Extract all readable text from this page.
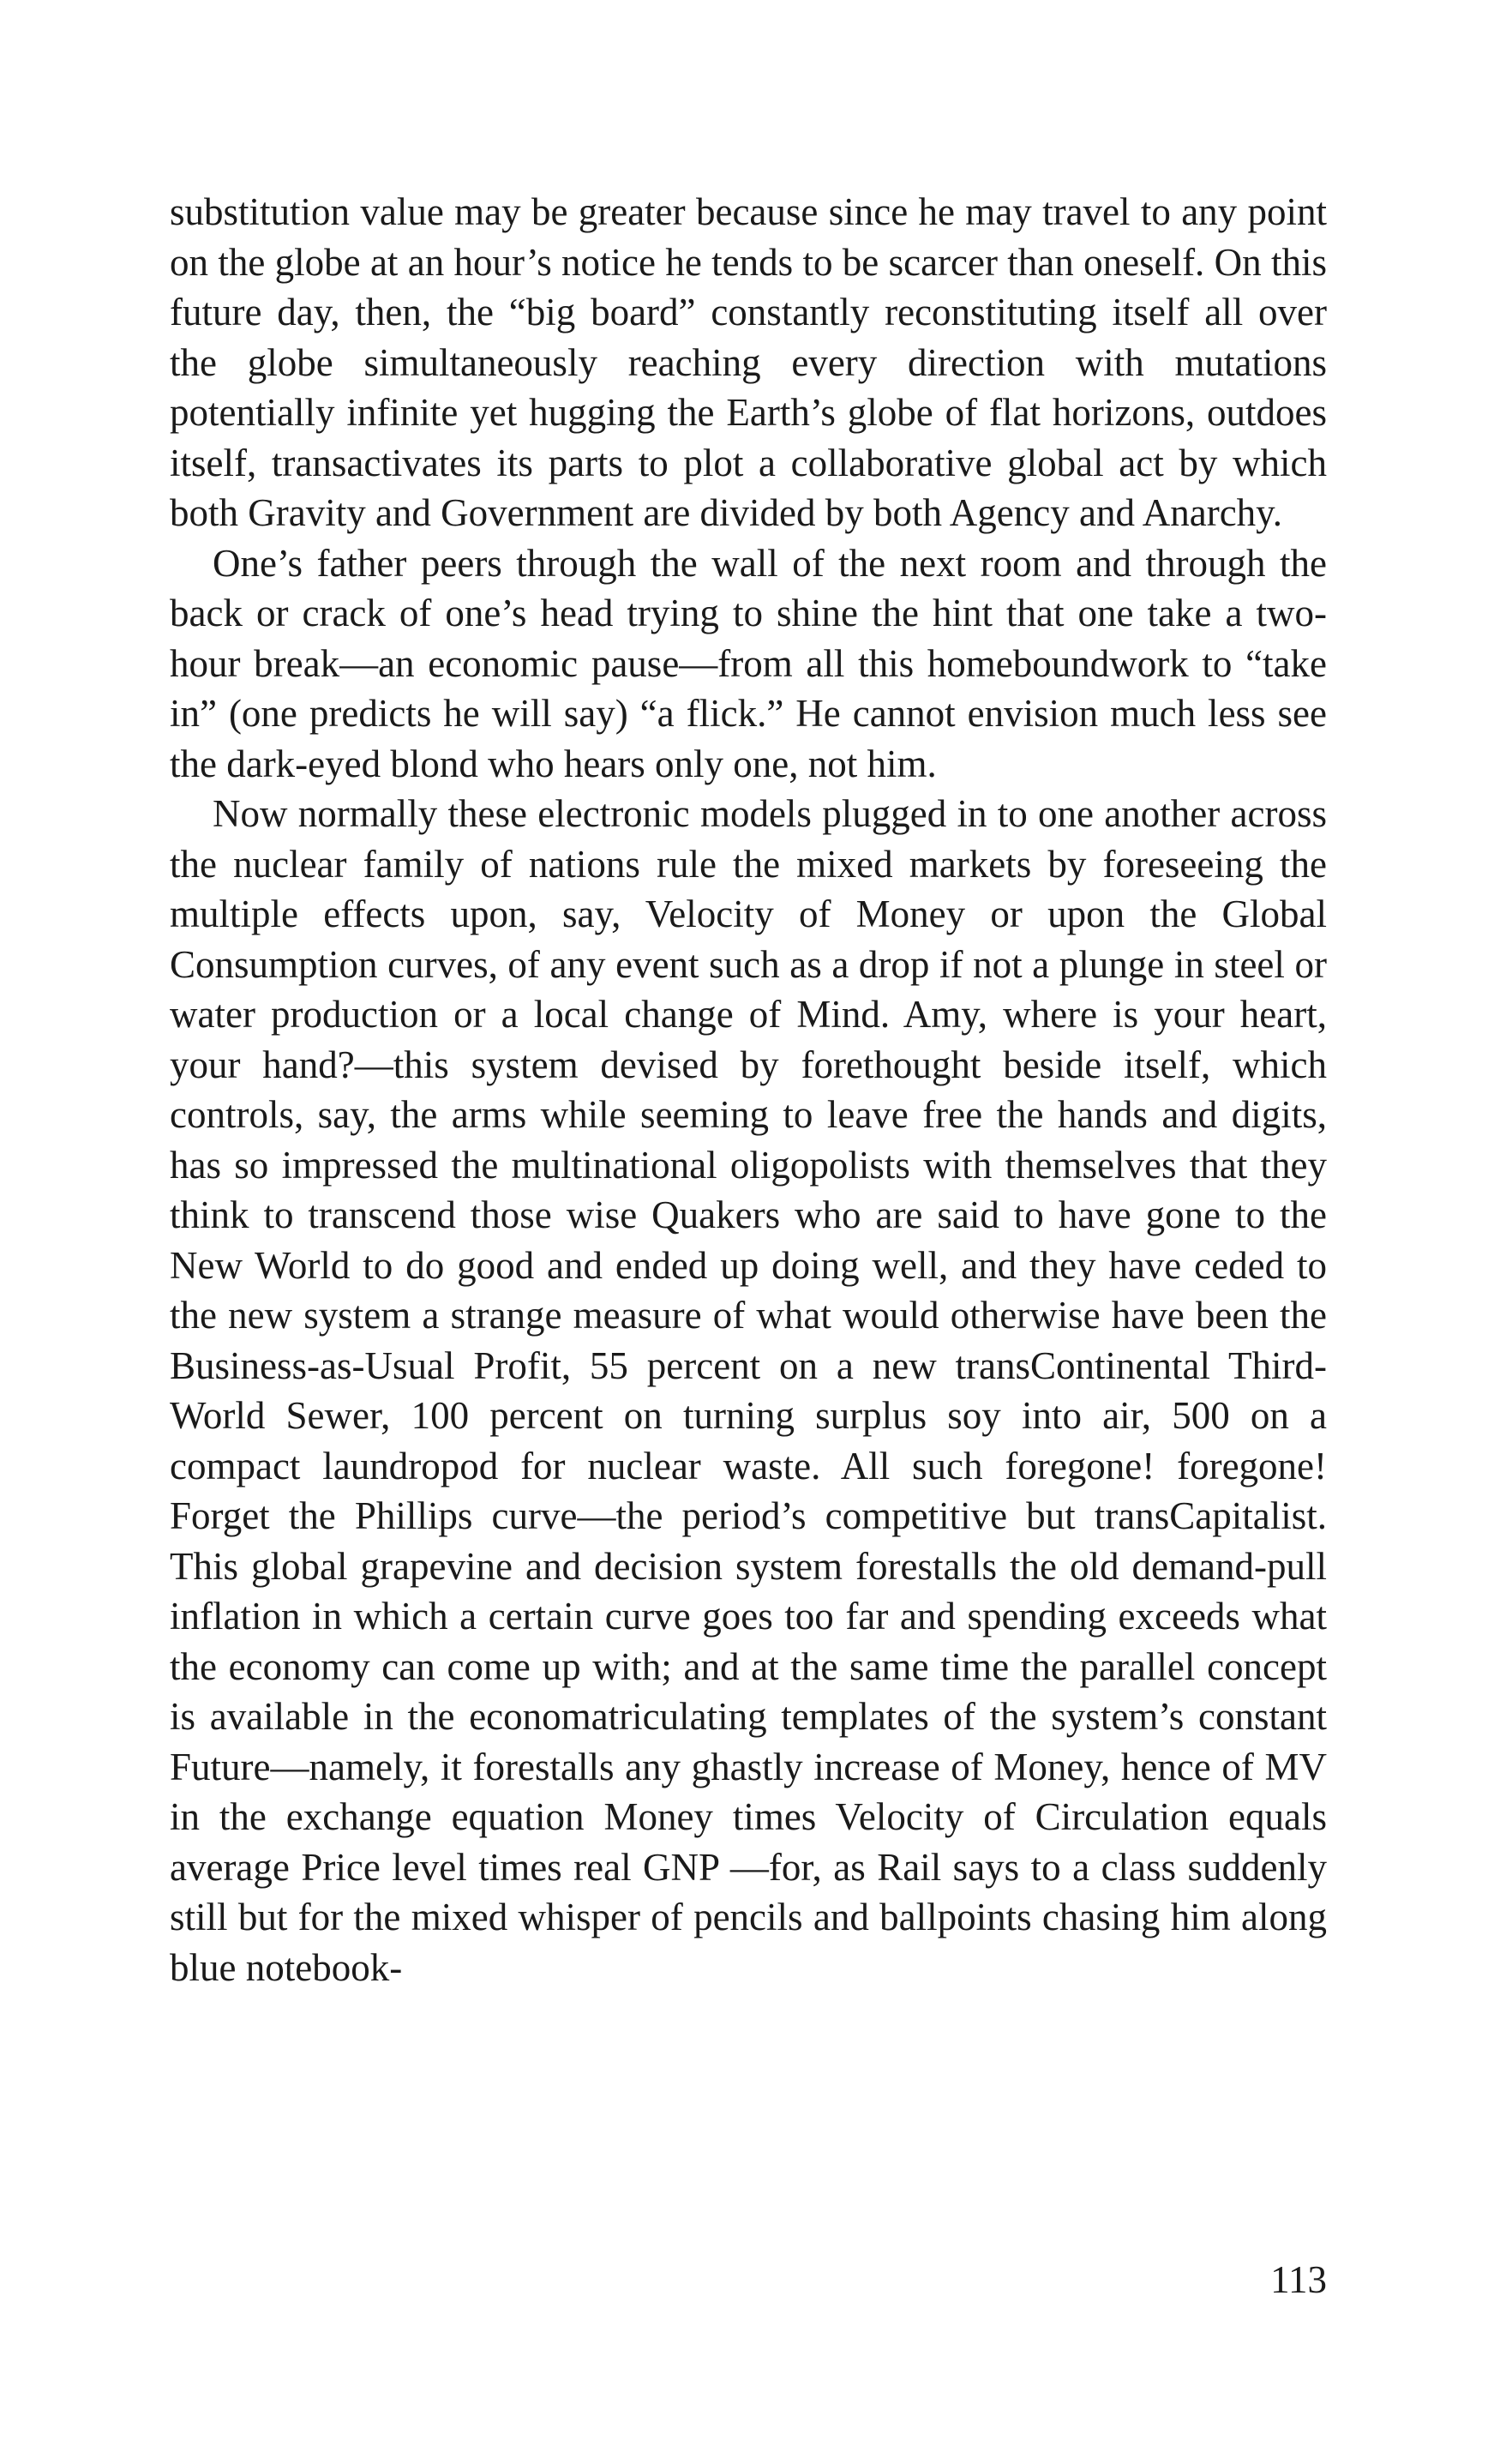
substitution value may be greater because since he may travel to any point on the globe at an hour’s notice he tends to be scarcer than oneself. On this future day, then, the “big board” constantly reconstituting itself all over the globe simultaneously reaching every direction with mutations potentially infinite yet hugging the Earth’s globe of flat horizons, outdoes itself, transactivates its parts to plot a collaborative global act by which both Gravity and Government are divided by both Agency and Anarchy.

One’s father peers through the wall of the next room and through the back or crack of one’s head trying to shine the hint that one take a two-hour break—an economic pause—from all this homeboundwork to “take in” (one predicts he will say) “a flick.” He cannot envision much less see the dark-eyed blond who hears only one, not him.

Now normally these electronic models plugged in to one another across the nuclear family of nations rule the mixed markets by foreseeing the multiple effects upon, say, Velocity of Money or upon the Global Consumption curves, of any event such as a drop if not a plunge in steel or water production or a local change of Mind. Amy, where is your heart, your hand?—this system devised by forethought beside itself, which controls, say, the arms while seeming to leave free the hands and digits, has so impressed the multinational oligopolists with themselves that they think to transcend those wise Quakers who are said to have gone to the New World to do good and ended up doing well, and they have ceded to the new system a strange measure of what would otherwise have been the Business-as-Usual Profit, 55 percent on a new transContinental Third-World Sewer, 100 percent on turning surplus soy into air, 500 on a compact laundropod for nuclear waste. All such foregone! foregone! Forget the Phillips curve—the period’s competitive but transCapitalist. This global grapevine and decision system forestalls the old demand-pull inflation in which a certain curve goes too far and spending exceeds what the economy can come up with; and at the same time the parallel concept is available in the economatriculating templates of the system’s constant Future—namely, it forestalls any ghastly increase of Money, hence of MV in the exchange equation Money times Velocity of Circulation equals average Price level times real GNP —for, as Rail says to a class suddenly still but for the mixed whisper of pencils and ballpoints chasing him along blue notebook-

113
